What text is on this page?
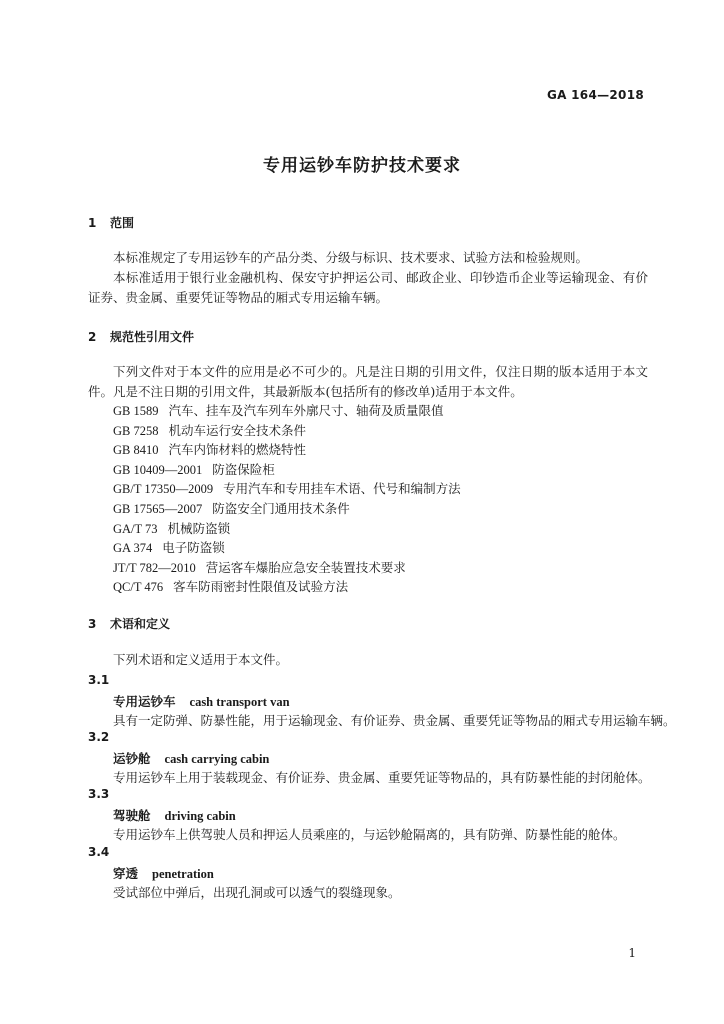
GA 164—2018
专用运钞车防护技术要求
1 范围
本标准规定了专用运钞车的产品分类、分级与标识、技术要求、试验方法和检验规则。
本标准适用于银行业金融机构、保安守护押运公司、邮政企业、印钞造币企业等运输现金、有价证券、贵金属、重要凭证等物品的厢式专用运输车辆。
2 规范性引用文件
下列文件对于本文件的应用是必不可少的。凡是注日期的引用文件，仅注日期的版本适用于本文件。凡是不注日期的引用文件，其最新版本(包括所有的修改单)适用于本文件。
GB 1589 汽车、挂车及汽车列车外廓尺寸、轴荷及质量限值
GB 7258 机动车运行安全技术条件
GB 8410 汽车内饰材料的燃烧特性
GB 10409—2001 防盗保险柜
GB/T 17350—2009 专用汽车和专用挂车术语、代号和编制方法
GB 17565—2007 防盗安全门通用技术条件
GA/T 73 机械防盗锁
GA 374 电子防盗锁
JT/T 782—2010 营运客车爆胎应急安全装置技术要求
QC/T 476 客车防雨密封性限值及试验方法
3 术语和定义
下列术语和定义适用于本文件。
3.1
专用运钞车 cash transport van
具有一定防弹、防暴性能，用于运输现金、有价证券、贵金属、重要凭证等物品的厢式专用运输车辆。
3.2
运钞舱 cash carrying cabin
专用运钞车上用于装载现金、有价证券、贵金属、重要凭证等物品的，具有防暴性能的封闭舱体。
3.3
驾驶舱 driving cabin
专用运钞车上供驾驶人员和押运人员乘座的，与运钞舱隔离的，具有防弹、防暴性能的舱体。
3.4
穿透 penetration
受试部位中弹后，出现孔洞或可以透气的裂缝现象。
1
